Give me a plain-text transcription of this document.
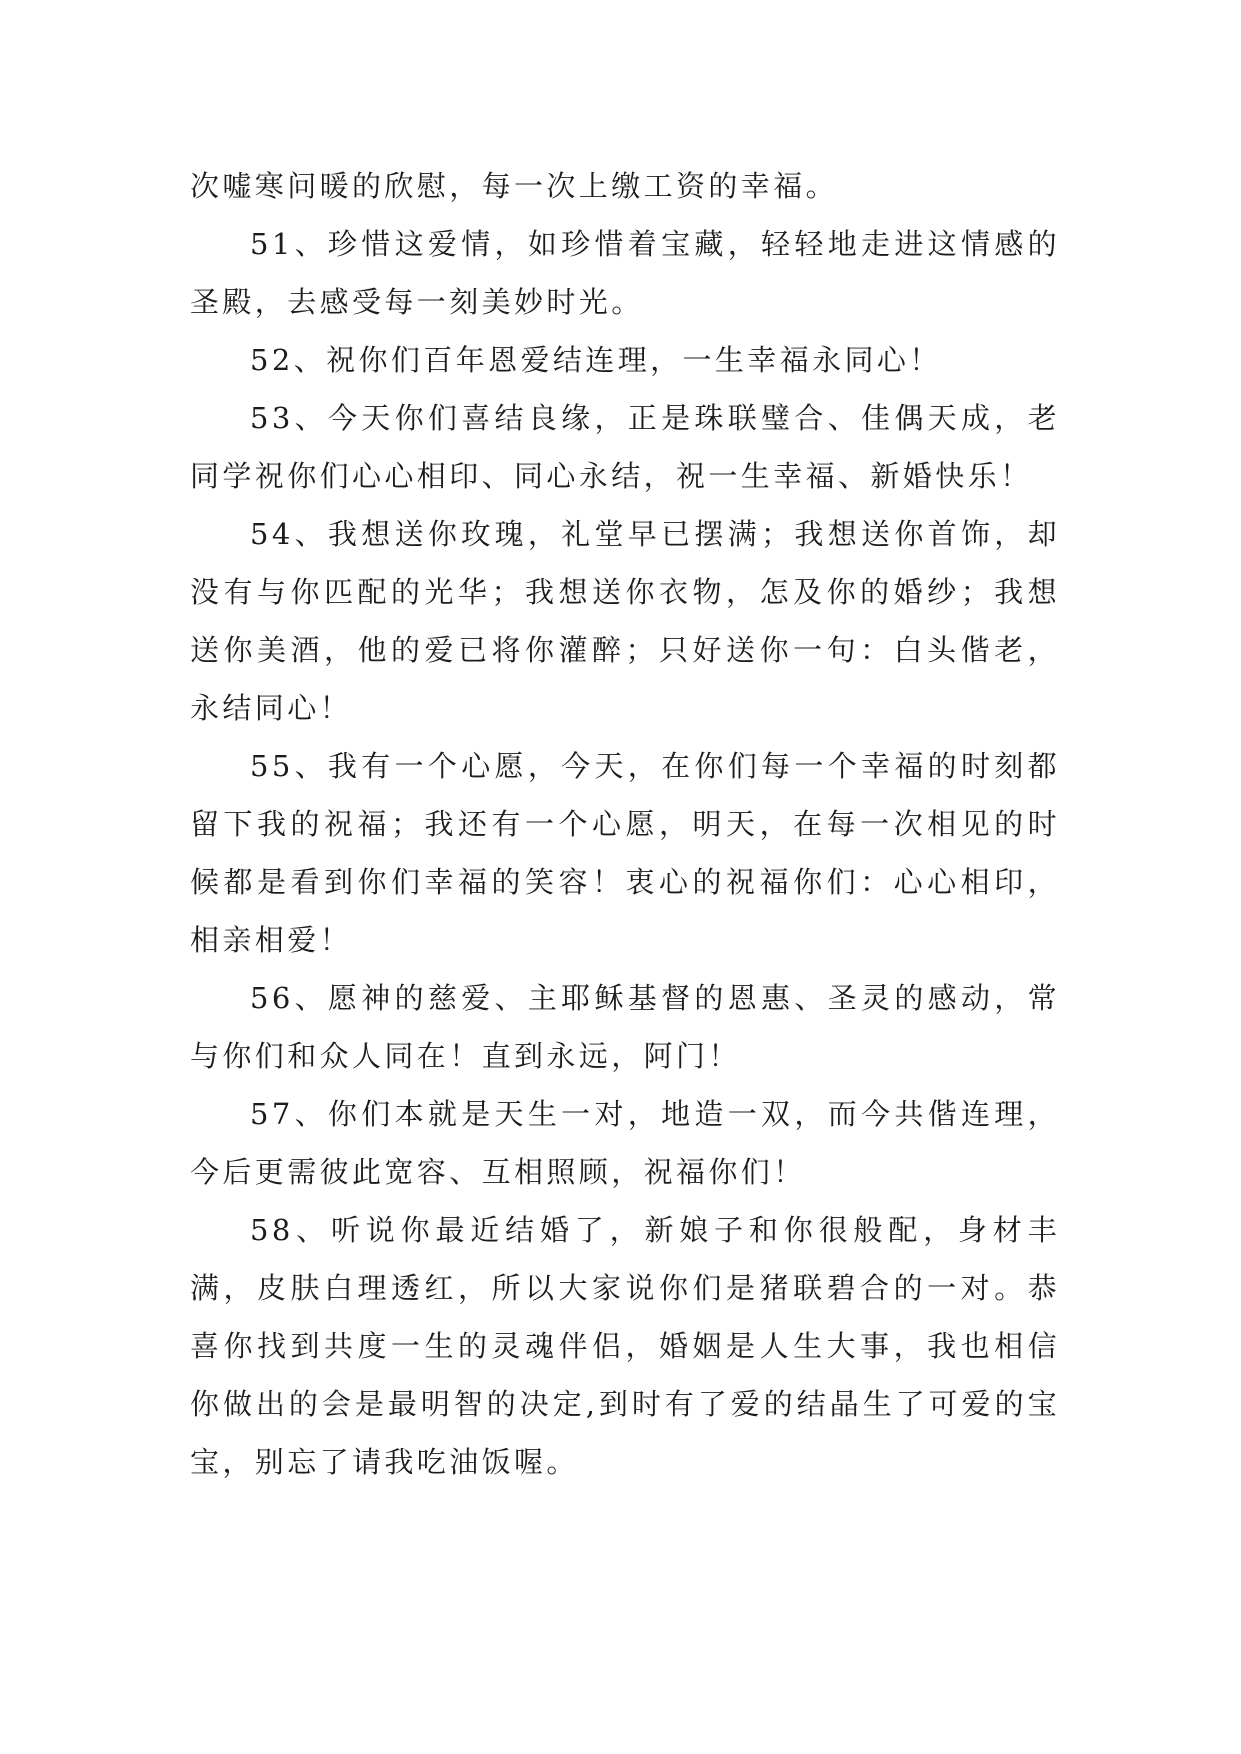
次嘘寒问暖的欣慰，每一次上缴工资的幸福。

51、珍惜这爱情，如珍惜着宝藏，轻轻地走进这情感的圣殿，去感受每一刻美妙时光。

52、祝你们百年恩爱结连理，一生幸福永同心！

53、今天你们喜结良缘，正是珠联璧合、佳偶天成，老同学祝你们心心相印、同心永结，祝一生幸福、新婚快乐！

54、我想送你玫瑰，礼堂早已摆满；我想送你首饰，却没有与你匹配的光华；我想送你衣物，怎及你的婚纱；我想送你美酒，他的爱已将你灌醉；只好送你一句：白头偕老，永结同心！

55、我有一个心愿，今天，在你们每一个幸福的时刻都留下我的祝福；我还有一个心愿，明天，在每一次相见的时候都是看到你们幸福的笑容！衷心的祝福你们：心心相印，相亲相爱！

56、愿神的慈爱、主耶稣基督的恩惠、圣灵的感动，常与你们和众人同在！直到永远，阿门！

57、你们本就是天生一对，地造一双，而今共偕连理，今后更需彼此宽容、互相照顾，祝福你们！

58、听说你最近结婚了，新娘子和你很般配，身材丰满，皮肤白理透红，所以大家说你们是猪联碧合的一对。恭喜你找到共度一生的灵魂伴侣，婚姻是人生大事，我也相信你做出的会是最明智的决定,到时有了爱的结晶生了可爱的宝宝，别忘了请我吃油饭喔。
